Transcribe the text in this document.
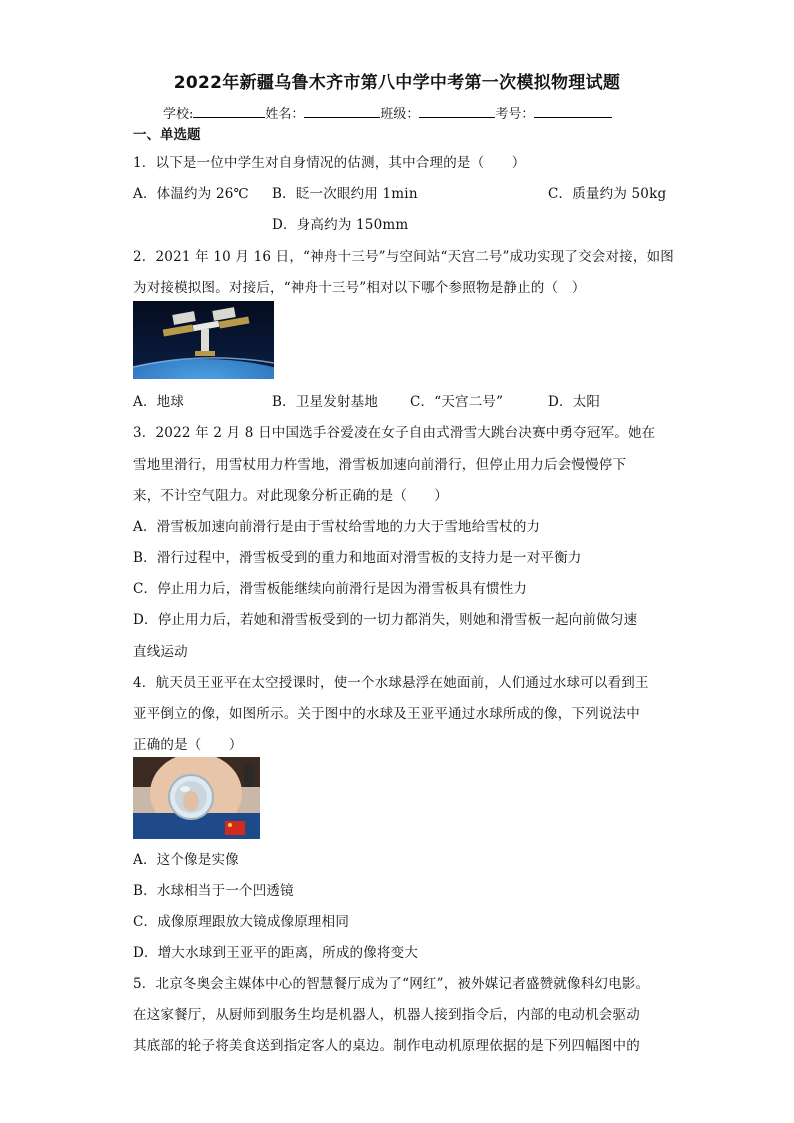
2022年新疆乌鲁木齐市第八中学中考第一次模拟物理试题
学校:	姓名：	班级：	考号：
一、单选题
1．以下是一位中学生对自身情况的估测，其中合理的是（　　）
A．体温约为 26℃ B．眨一次眼约用 1min	C．质量约为 50kg
D．身高约为 150mm
2．2021 年 10 月 16 日，“神舟十三号”与空间站“天宫二号”成功实现了交会对接，如图
为对接模拟图。对接后，“神舟十三号”相对以下哪个参照物是静止的（　）
A．地球	B．卫星发射基地 C．“天宫二号”	D．太阳
3．2022 年 2 月 8 日中国选手谷爱凌在女子自由式滑雪大跳台决赛中勇夺冠军。她在
雪地里滑行，用雪杖用力杵雪地，滑雪板加速向前滑行，但停止用力后会慢慢停下
来，不计空气阻力。对此现象分析正确的是（　　）
A．滑雪板加速向前滑行是由于雪杖给雪地的力大于雪地给雪杖的力
B．滑行过程中，滑雪板受到的重力和地面对滑雪板的支持力是一对平衡力
C．停止用力后，滑雪板能继续向前滑行是因为滑雪板具有惯性力
D．停止用力后，若她和滑雪板受到的一切力都消失，则她和滑雪板一起向前做匀速
直线运动
4．航天员王亚平在太空授课时，使一个水球悬浮在她面前，人们通过水球可以看到王
亚平倒立的像，如图所示。关于图中的水球及王亚平通过水球所成的像，下列说法中
正确的是（　　）
A．这个像是实像
B．水球相当于一个凹透镜
C．成像原理跟放大镜成像原理相同
D．增大水球到王亚平的距离，所成的像将变大
5．北京冬奥会主媒体中心的智慧餐厅成为了“网红”，被外媒记者盛赞就像科幻电影。
在这家餐厅，从厨师到服务生均是机器人，机器人接到指令后，内部的电动机会驱动
其底部的轮子将美食送到指定客人的桌边。制作电动机原理依据的是下列四幅图中的
